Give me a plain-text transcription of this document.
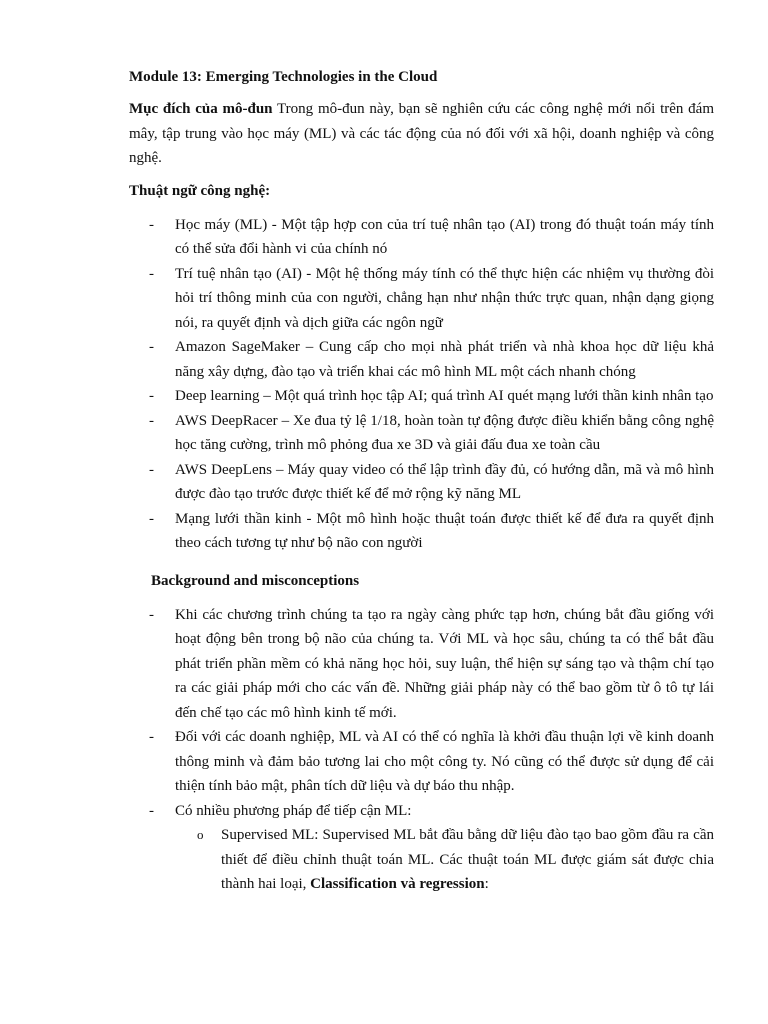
Module 13: Emerging Technologies in the Cloud

Mục đích của mô-đun Trong mô-đun này, bạn sẽ nghiên cứu các công nghệ mới nổi trên đám mây, tập trung vào học máy (ML) và các tác động của nó đối với xã hội, doanh nghiệp và công nghệ.

Thuật ngữ công nghệ:
- Học máy (ML) - Một tập hợp con của trí tuệ nhân tạo (AI) trong đó thuật toán máy tính có thể sửa đổi hành vi của chính nó
- Trí tuệ nhân tạo (AI) - Một hệ thống máy tính có thể thực hiện các nhiệm vụ thường đòi hỏi trí thông minh của con người, chẳng hạn như nhận thức trực quan, nhận dạng giọng nói, ra quyết định và dịch giữa các ngôn ngữ
- Amazon SageMaker – Cung cấp cho mọi nhà phát triển và nhà khoa học dữ liệu khả năng xây dựng, đào tạo và triển khai các mô hình ML một cách nhanh chóng
- Deep learning – Một quá trình học tập AI; quá trình AI quét mạng lưới thần kinh nhân tạo
- AWS DeepRacer – Xe đua tỷ lệ 1/18, hoàn toàn tự động được điều khiển bằng công nghệ học tăng cường, trình mô phỏng đua xe 3D và giải đấu đua xe toàn cầu
- AWS DeepLens – Máy quay video có thể lập trình đầy đủ, có hướng dẫn, mã và mô hình được đào tạo trước được thiết kế để mở rộng kỹ năng ML
- Mạng lưới thần kinh - Một mô hình hoặc thuật toán được thiết kế để đưa ra quyết định theo cách tương tự như bộ não con người
Background and misconceptions
- Khi các chương trình chúng ta tạo ra ngày càng phức tạp hơn, chúng bắt đầu giống với hoạt động bên trong bộ não của chúng ta. Với ML và học sâu, chúng ta có thể bắt đầu phát triển phần mềm có khả năng học hỏi, suy luận, thể hiện sự sáng tạo và thậm chí tạo ra các giải pháp mới cho các vấn đề. Những giải pháp này có thể bao gồm từ ô tô tự lái đến chế tạo các mô hình kinh tế mới.
- Đối với các doanh nghiệp, ML và AI có thể có nghĩa là khởi đầu thuận lợi về kinh doanh thông minh và đảm bảo tương lai cho một công ty. Nó cũng có thể được sử dụng để cải thiện tính bảo mật, phân tích dữ liệu và dự báo thu nhập.
- Có nhiều phương pháp để tiếp cận ML:
o Supervised ML: Supervised ML bắt đầu bằng dữ liệu đào tạo bao gồm đầu ra cần thiết để điều chỉnh thuật toán ML. Các thuật toán ML được giám sát được chia thành hai loại, Classification và regression:
